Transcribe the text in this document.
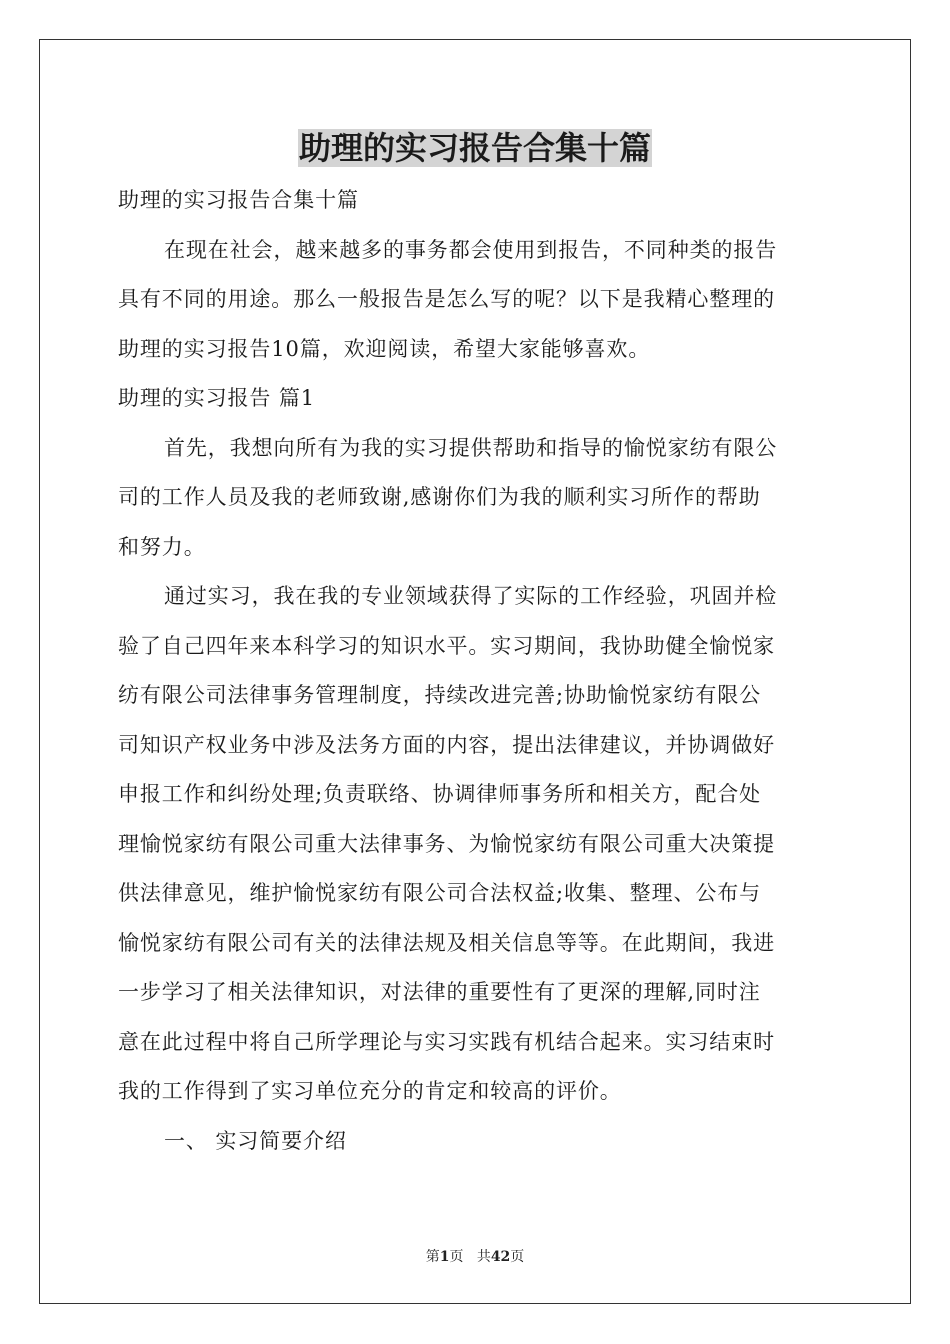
助理的实习报告合集十篇

助理的实习报告合集十篇

在现在社会，越来越多的事务都会使用到报告，不同种类的报告

具有不同的用途。那么一般报告是怎么写的呢？以下是我精心整理的

助理的实习报告10篇，欢迎阅读，希望大家能够喜欢。

助理的实习报告 篇1

首先，我想向所有为我的实习提供帮助和指导的愉悦家纺有限公

司的工作人员及我的老师致谢,感谢你们为我的顺利实习所作的帮助

和努力。

通过实习，我在我的专业领域获得了实际的工作经验，巩固并检

验了自己四年来本科学习的知识水平。实习期间，我协助健全愉悦家

纺有限公司法律事务管理制度，持续改进完善;协助愉悦家纺有限公

司知识产权业务中涉及法务方面的内容，提出法律建议，并协调做好

申报工作和纠纷处理;负责联络、协调律师事务所和相关方，配合处

理愉悦家纺有限公司重大法律事务、为愉悦家纺有限公司重大决策提

供法律意见，维护愉悦家纺有限公司合法权益;收集、整理、公布与

愉悦家纺有限公司有关的法律法规及相关信息等等。在此期间，我进

一步学习了相关法律知识，对法律的重要性有了更深的理解,同时注

意在此过程中将自己所学理论与实习实践有机结合起来。实习结束时

我的工作得到了实习单位充分的肯定和较高的评价。

一、 实习简要介绍

第1页 共42页
